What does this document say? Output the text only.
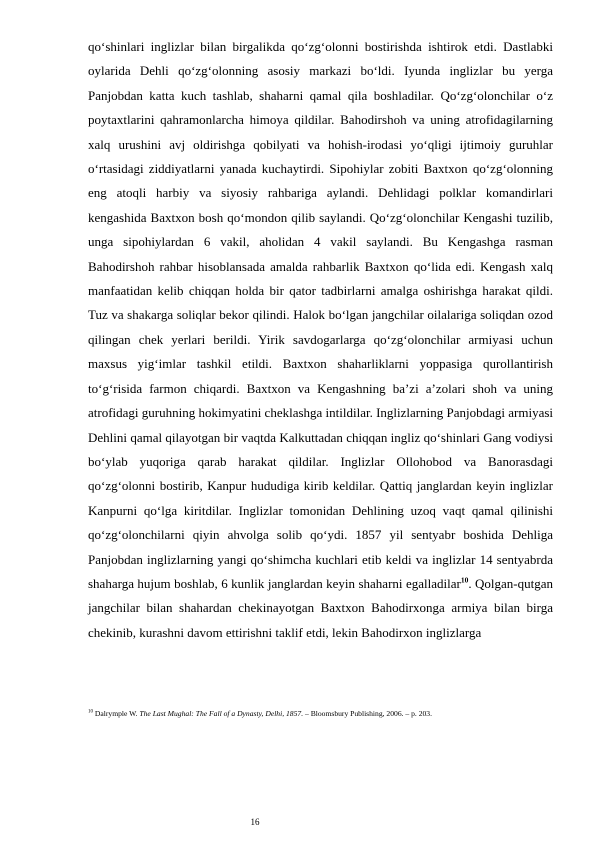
qo‘shinlari inglizlar bilan birgalikda qo‘zg‘olonni bostirishda ishtirok etdi. Dastlabki oylarida Dehli qo‘zg‘olonning asosiy markazi bo‘ldi. Iyunda inglizlar bu yerga Panjobdan katta kuch tashlab, shaharni qamal qila boshladilar. Qo‘zg‘olonchilar o‘z poytaxtlarini qahramonlarcha himoya qildilar. Bahodirshoh va uning atrofidagilarning xalq urushini avj oldirishga qobilyati va hohish-irodasi yo‘qligi ijtimoiy guruhlar o‘rtasidagi ziddiyatlarni yanada kuchaytirdi. Sipohiylar zobiti Baxtxon qo‘zg‘olonning eng atoqli harbiy va siyosiy rahbariga aylandi. Dehlidagi polklar komandirlari kengashida Baxtxon bosh qo‘mondon qilib saylandi. Qo‘zg‘olonchilar Kengashi tuzilib, unga sipohiylardan 6 vakil, aholidan 4 vakil saylandi. Bu Kengashga rasman Bahodirshoh rahbar hisoblansada amalda rahbarlik Baxtxon qo‘lida edi. Kengash xalq manfaatidan kelib chiqqan holda bir qator tadbirlarni amalga oshirishga harakat qildi. Tuz va shakarga soliqlar bekor qilindi. Halok bo‘lgan jangchilar oilalariga soliqdan ozod qilingan chek yerlari berildi. Yirik savdogarlarga qo‘zg‘olonchilar armiyasi uchun maxsus yig‘imlar tashkil etildi. Baxtxon shaharliklarni yoppasiga qurollantirish to‘g‘risida farmon chiqardi. Baxtxon va Kengashning ba’zi a’zolari shoh va uning atrofidagi guruhning hokimyatini cheklashga intildilar. Inglizlarning Panjobdagi armiyasi Dehlini qamal qilayotgan bir vaqtda Kalkuttadan chiqqan ingliz qo‘shinlari Gang vodiysi bo‘ylab yuqoriga qarab harakat qildilar. Inglizlar Ollohobod va Banorasdagi qo‘zg‘olonni bostirib, Kanpur hududiga kirib keldilar. Qattiq janglardan keyin inglizlar Kanpurni qo‘lga kiritdilar. Inglizlar tomonidan Dehlining uzoq vaqt qamal qilinishi qo‘zg‘olonchilarni qiyin ahvolga solib qo‘ydi. 1857 yil sentyabr boshida Dehliga Panjobdan inglizlarning yangi qo‘shimcha kuchlari etib keldi va inglizlar 14 sentyabrda shaharga hujum boshlab, 6 kunlik janglardan keyin shaharni egalladilar$^{10}$. Qolgan-qutgan jangchilar bilan shahardan chekinayotgan Baxtxon Bahodirxonga armiya bilan birga chekinib, kurashni davom ettirishni taklif etdi, lekin Bahodirxon inglizlarga

$^{10}$ Dalrymple W. The Last Mughal: The Fall of a Dynasty, Delhi, 1857. – Bloomsbury Publishing, 2006. – p. 203.
16
